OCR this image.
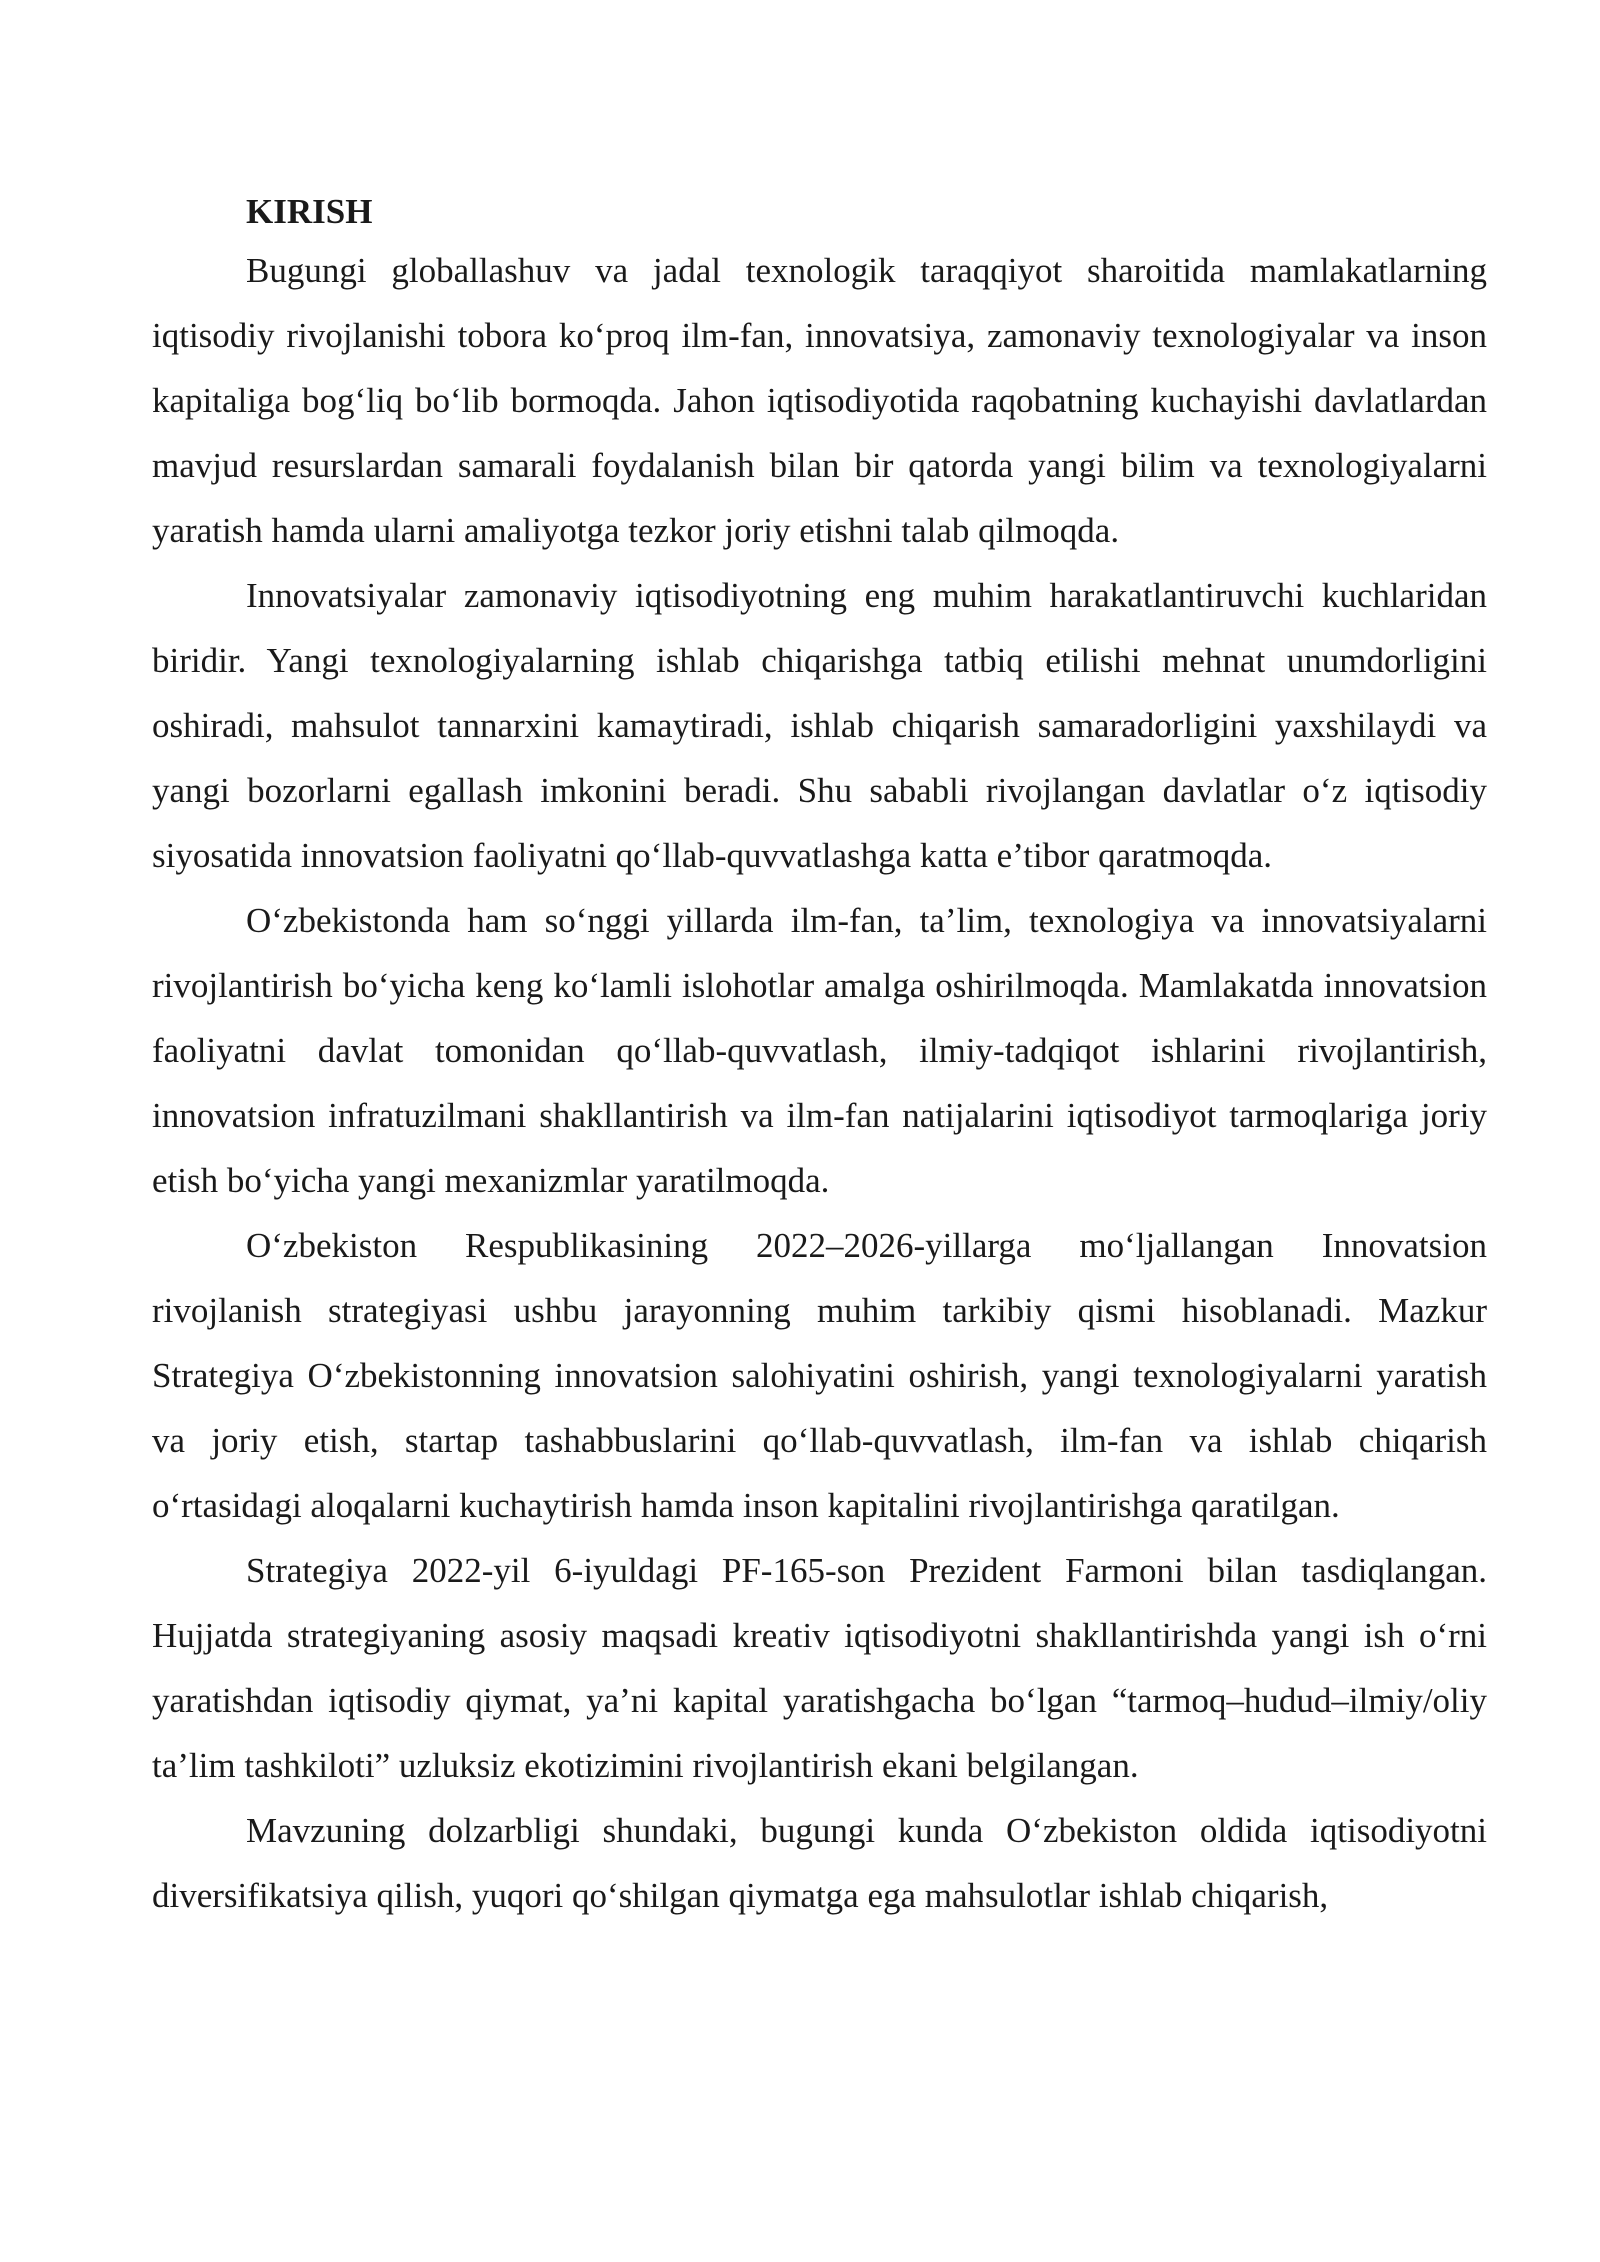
KIRISH

Bugungi globallashuv va jadal texnologik taraqqiyot sharoitida mamlakatlarning iqtisodiy rivojlanishi tobora ko‘proq ilm-fan, innovatsiya, zamonaviy texnologiyalar va inson kapitaliga bog‘liq bo‘lib bormoqda. Jahon iqtisodiyotida raqobatning kuchayishi davlatlardan mavjud resurslardan samarali foydalanish bilan bir qatorda yangi bilim va texnologiyalarni yaratish hamda ularni amaliyotga tezkor joriy etishni talab qilmoqda.

Innovatsiyalar zamonaviy iqtisodiyotning eng muhim harakatlantiruvchi kuchlaridan biridir. Yangi texnologiyalarning ishlab chiqarishga tatbiq etilishi mehnat unumdorligini oshiradi, mahsulot tannarxini kamaytiradi, ishlab chiqarish samaradorligini yaxshilaydi va yangi bozorlarni egallash imkonini beradi. Shu sababli rivojlangan davlatlar o‘z iqtisodiy siyosatida innovatsion faoliyatni qo‘llab-quvvatlashga katta e’tibor qaratmoqda.

O‘zbekistonda ham so‘nggi yillarda ilm-fan, ta’lim, texnologiya va innovatsiyalarni rivojlantirish bo‘yicha keng ko‘lamli islohotlar amalga oshirilmoqda. Mamlakatda innovatsion faoliyatni davlat tomonidan qo‘llab-quvvatlash, ilmiy-tadqiqot ishlarini rivojlantirish, innovatsion infratuzilmani shakllantirish va ilm-fan natijalarini iqtisodiyot tarmoqlariga joriy etish bo‘yicha yangi mexanizmlar yaratilmoqda.

O‘zbekiston Respublikasining 2022–2026-yillarga mo‘ljallangan Innovatsion rivojlanish strategiyasi ushbu jarayonning muhim tarkibiy qismi hisoblanadi. Mazkur Strategiya O‘zbekistonning innovatsion salohiyatini oshirish, yangi texnologiyalarni yaratish va joriy etish, startap tashabbuslarini qo‘llab-quvvatlash, ilm-fan va ishlab chiqarish o‘rtasidagi aloqalarni kuchaytirish hamda inson kapitalini rivojlantirishga qaratilgan.

Strategiya 2022-yil 6-iyuldagi PF-165-son Prezident Farmoni bilan tasdiqlangan. Hujjatda strategiyaning asosiy maqsadi kreativ iqtisodiyotni shakllantirishda yangi ish o‘rni yaratishdan iqtisodiy qiymat, ya’ni kapital yaratishgacha bo‘lgan “tarmoq–hudud–ilmiy/oliy ta’lim tashkiloti” uzluksiz ekotizimini rivojlantirish ekani belgilangan.

Mavzuning dolzarbligi shundaki, bugungi kunda O‘zbekiston oldida iqtisodiyotni diversifikatsiya qilish, yuqori qo‘shilgan qiymatga ega mahsulotlar ishlab chiqarish,
